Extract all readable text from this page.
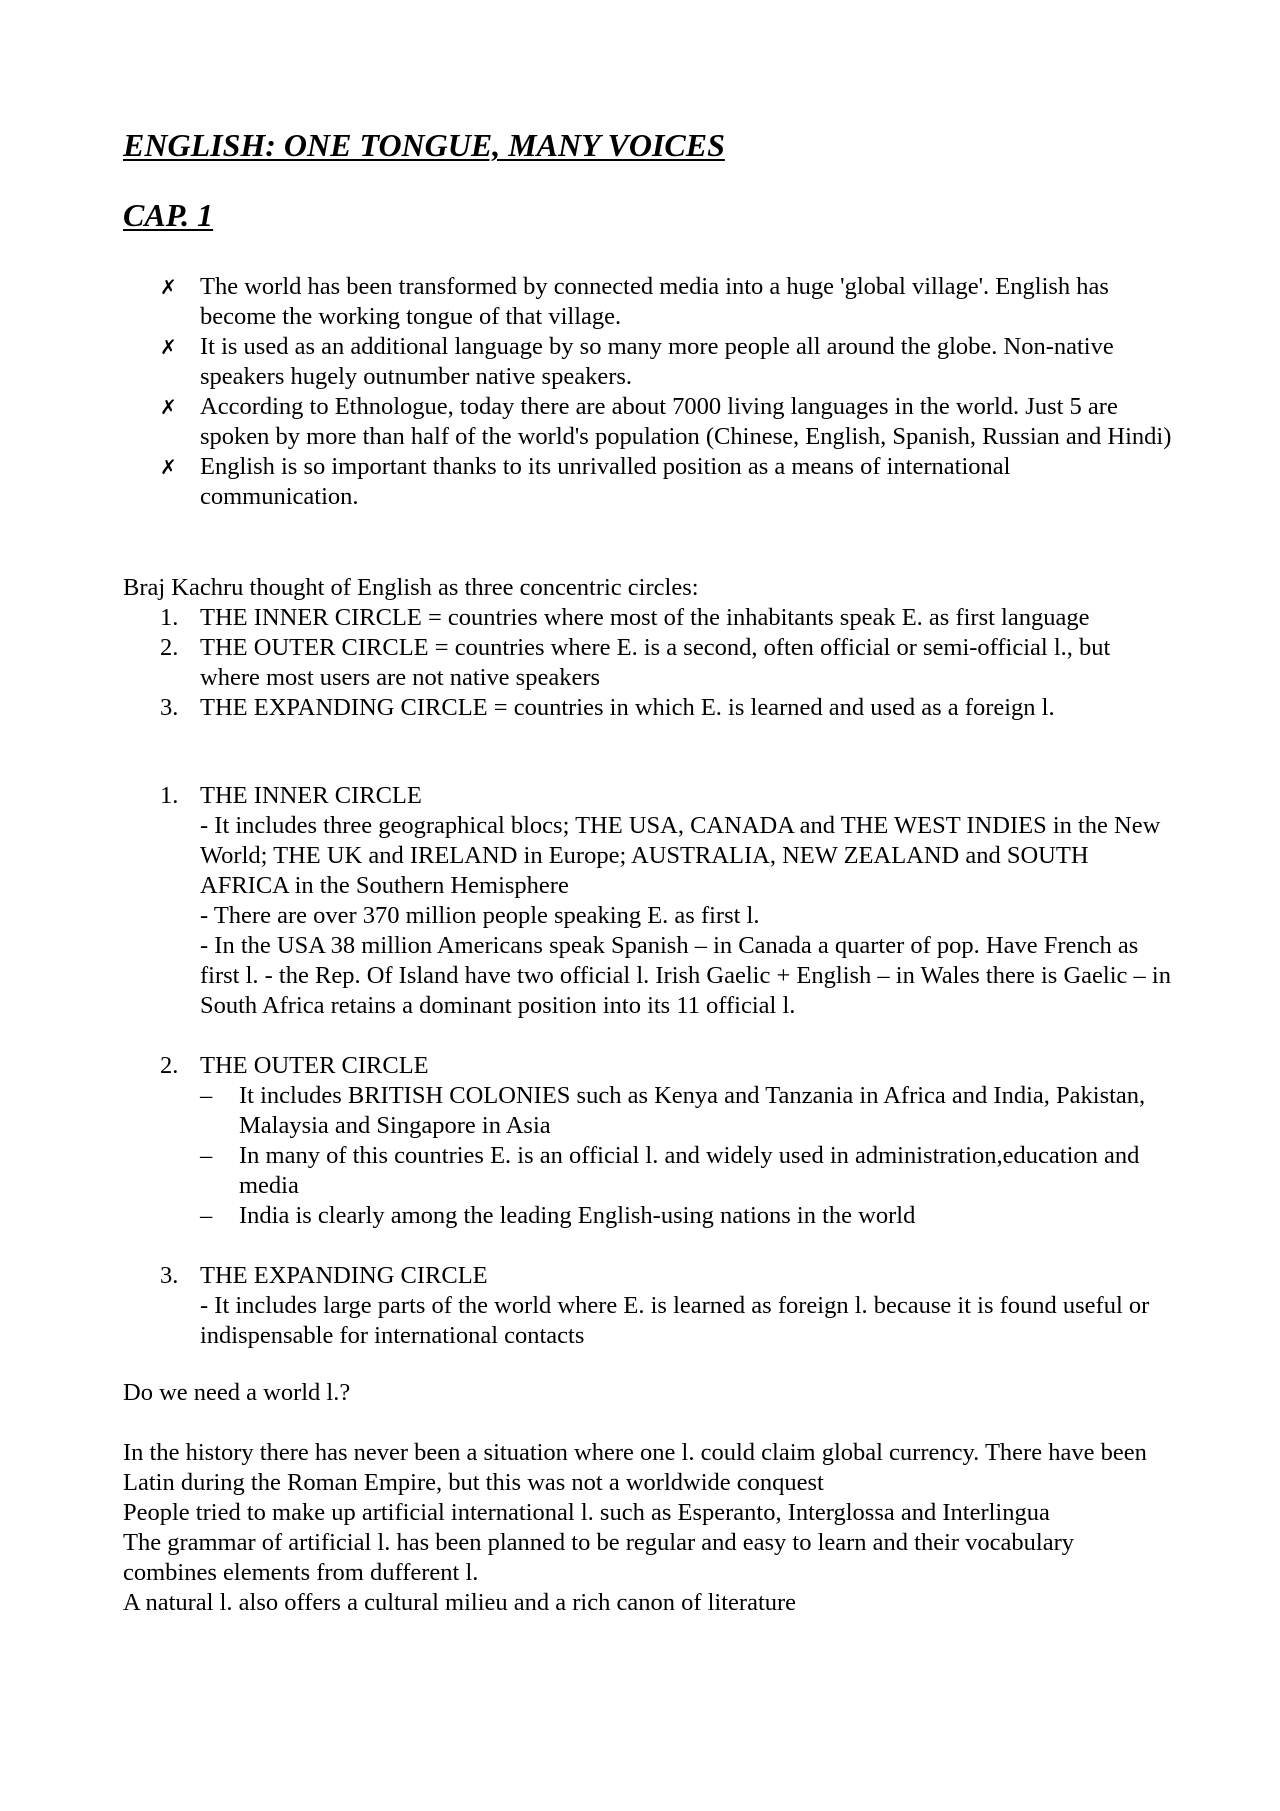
ENGLISH: ONE TONGUE, MANY VOICES
CAP. 1
✗ The world has been transformed by connected media into a huge 'global village'. English has become the working tongue of that village.
✗ It is used as an additional language by so many more people all around the globe. Non-native speakers hugely outnumber native speakers.
✗ According to Ethnologue, today there are about 7000 living languages in the world. Just 5 are spoken by more than half of the world's population (Chinese, English, Spanish, Russian and Hindi)
✗ English is so important thanks to its unrivalled position as a means of international communication.

Braj Kachru thought of English as three concentric circles:

1. THE INNER CIRCLE = countries where most of the inhabitants speak E. as first language
2. THE OUTER CIRCLE = countries where E. is a second, often official or semi-official l., but where most users are not native speakers
3. THE EXPANDING CIRCLE = countries in which E. is learned and used as a foreign l.
1. THE INNER CIRCLE

- It includes three geographical blocs; THE USA, CANADA and THE WEST INDIES in the New World; THE UK and IRELAND in Europe; AUSTRALIA, NEW ZEALAND and SOUTH AFRICA in the Southern Hemisphere

- There are over 370 million people speaking E. as first l.

- In the USA 38 million Americans speak Spanish – in Canada a quarter of pop. Have French as first l. - the Rep. Of Island have two official l. Irish Gaelic + English – in Wales there is Gaelic – in South Africa retains a dominant position into its 11 official l.

2. THE OUTER CIRCLE

– It includes BRITISH COLONIES such as Kenya and Tanzania in Africa and India, Pakistan, Malaysia and Singapore in Asia
– In many of this countries E. is an official l. and widely used in administration,education and media
– India is clearly among the leading English-using nations in the world
3. THE EXPANDING CIRCLE

- It includes large parts of the world where E. is learned as foreign l. because it is found useful or indispensable for international contacts

Do we need a world l.?

In the history there has never been a situation where one l. could claim global currency. There have been Latin during the Roman Empire, but this was not a worldwide conquest

People tried to make up artificial international l. such as Esperanto, Interglossa and Interlingua

The grammar of artificial l. has been planned to be regular and easy to learn and their vocabulary combines elements from dufferent l.

A natural l. also offers a cultural milieu and a rich canon of literature
